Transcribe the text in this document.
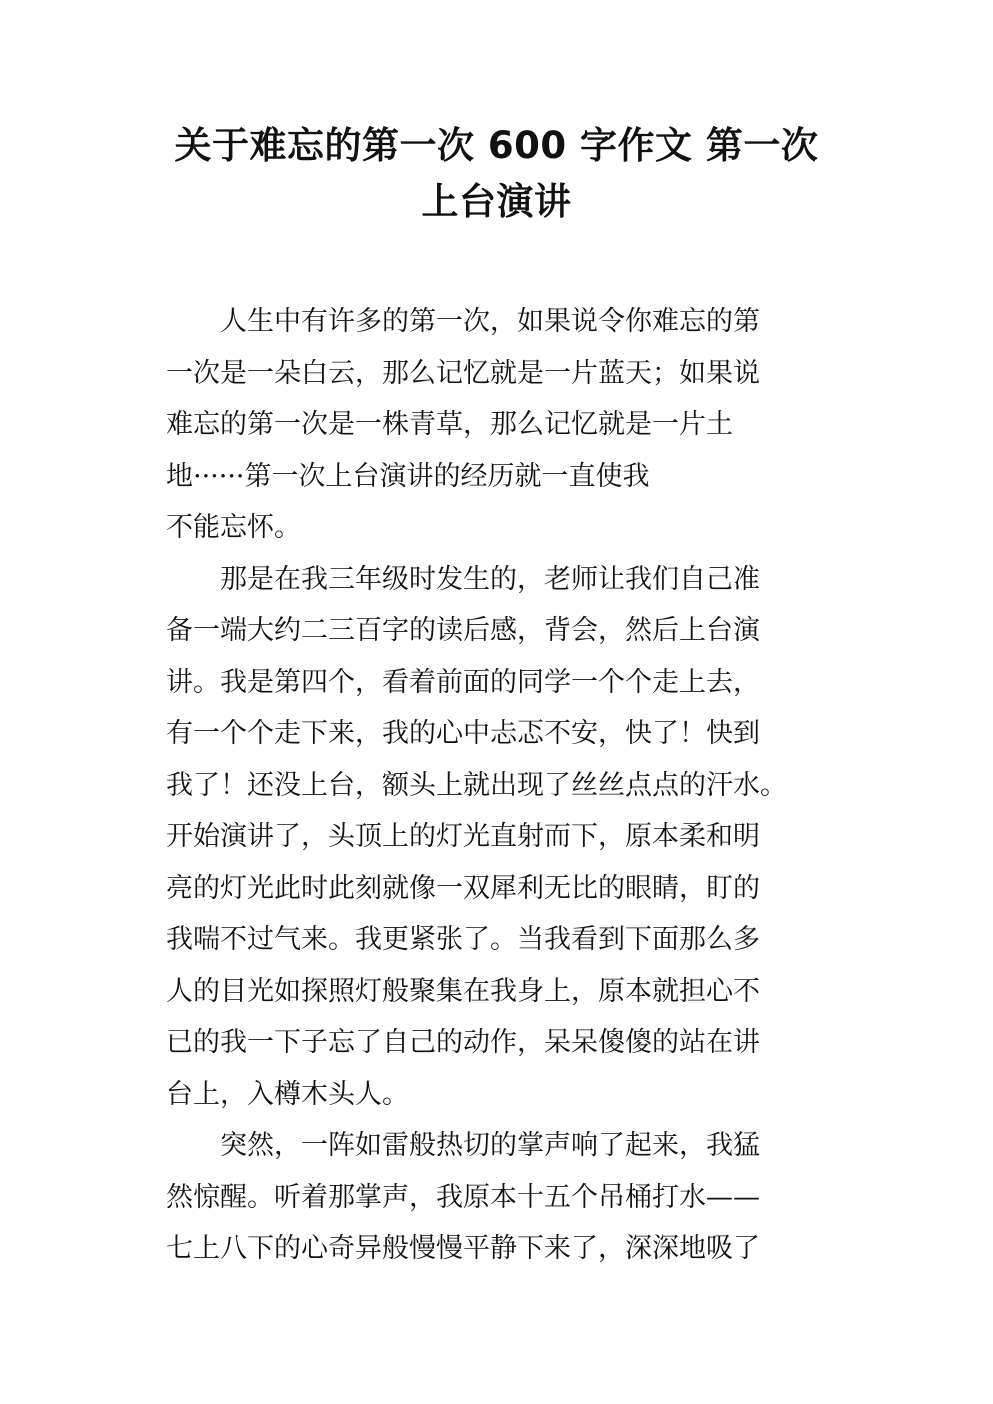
关于难忘的第一次 600 字作文 第一次
上台演讲

人生中有许多的第一次，如果说令你难忘的第
一次是一朵白云，那么记忆就是一片蓝天；如果说
难忘的第一次是一株青草，那么记忆就是一片土
地······第一次上台演讲的经历就一直使我
不能忘怀。

那是在我三年级时发生的，老师让我们自己准
备一端大约二三百字的读后感，背会，然后上台演
讲。我是第四个，看着前面的同学一个个走上去，
有一个个走下来，我的心中忐忑不安，快了！快到
我了！还没上台，额头上就出现了丝丝点点的汗水。
开始演讲了，头顶上的灯光直射而下，原本柔和明
亮的灯光此时此刻就像一双犀利无比的眼睛，盯的
我喘不过气来。我更紧张了。当我看到下面那么多
人的目光如探照灯般聚集在我身上，原本就担心不
已的我一下子忘了自己的动作，呆呆傻傻的站在讲
台上，入樽木头人。

突然，一阵如雷般热切的掌声响了起来，我猛
然惊醒。听着那掌声，我原本十五个吊桶打水——
七上八下的心奇异般慢慢平静下来了，深深地吸了
